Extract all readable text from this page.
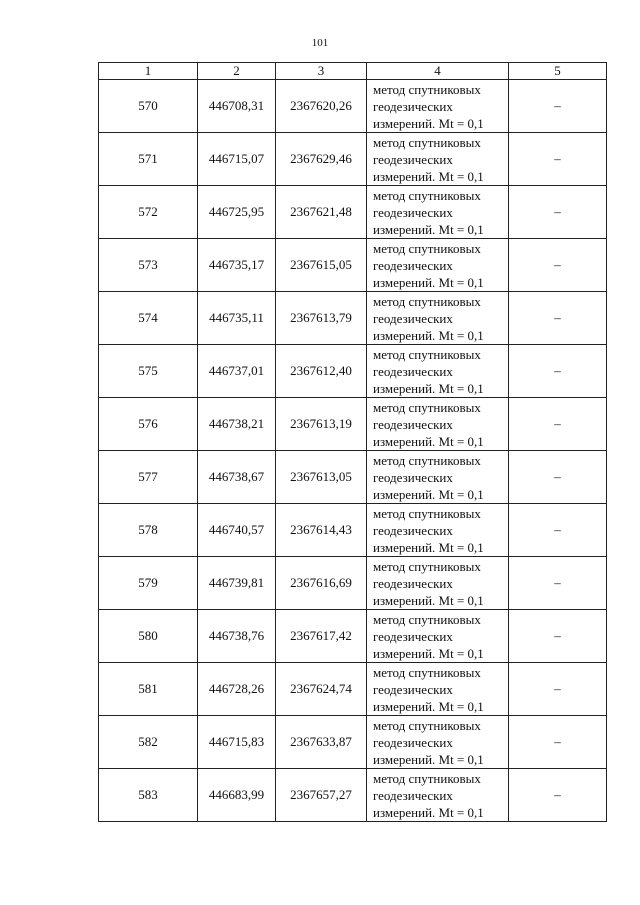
101
1	2	3	4	5
570	446708,31	2367620,26	метод спутниковых
геодезических
измерений. Mt = 0,1	–
571	446715,07	2367629,46	метод спутниковых
геодезических
измерений. Mt = 0,1	–
572	446725,95	2367621,48	метод спутниковых
геодезических
измерений. Mt = 0,1	–
573	446735,17	2367615,05	метод спутниковых
геодезических
измерений. Mt = 0,1	–
574	446735,11	2367613,79	метод спутниковых
геодезических
измерений. Mt = 0,1	–
575	446737,01	2367612,40	метод спутниковых
геодезических
измерений. Mt = 0,1	–
576	446738,21	2367613,19	метод спутниковых
геодезических
измерений. Mt = 0,1	–
577	446738,67	2367613,05	метод спутниковых
геодезических
измерений. Mt = 0,1	–
578	446740,57	2367614,43	метод спутниковых
геодезических
измерений. Mt = 0,1	–
579	446739,81	2367616,69	метод спутниковых
геодезических
измерений. Mt = 0,1	–
580	446738,76	2367617,42	метод спутниковых
геодезических
измерений. Mt = 0,1	–
581	446728,26	2367624,74	метод спутниковых
геодезических
измерений. Mt = 0,1	–
582	446715,83	2367633,87	метод спутниковых
геодезических
измерений. Mt = 0,1	–
583	446683,99	2367657,27	метод спутниковых
геодезических
измерений. Mt = 0,1	–
